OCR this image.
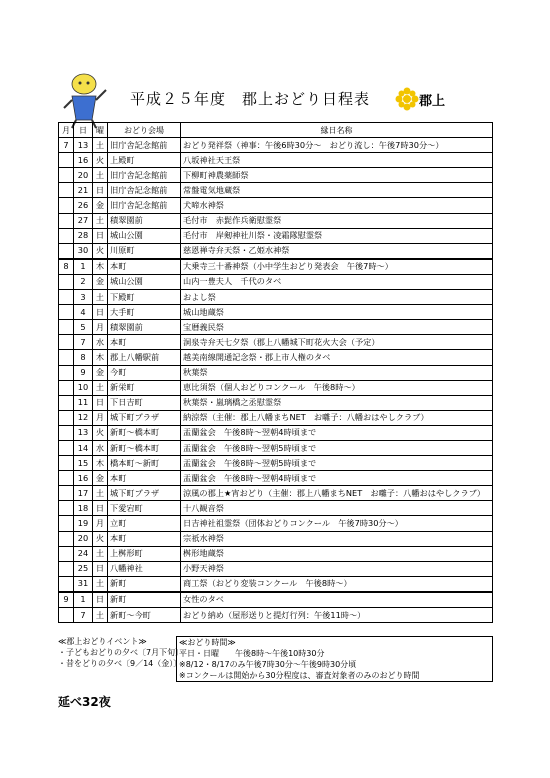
平成２５年度　郡上おどり日程表	郡上
月	日	曜	おどり会場	縁日名称
7	13	土	旧庁舎記念館前	おどり発祥祭（神事：午後6時30分～　おどり流し：午後7時30分～）
	16	火	上殿町	八坂神社天王祭
	20	土	旧庁舎記念館前	下柳町神農薬師祭
	21	日	旧庁舎記念館前	常盤電気地蔵祭
	26	金	旧庁舎記念館前	犬啼水神祭
	27	土	積翠園前	毛付市　赤髭作兵衛慰霊祭
	28	日	城山公園	毛付市　岸剱神社川祭・凌霜隊慰霊祭
	30	火	川原町	慈恩禅寺弁天祭・乙姫水神祭
8	1	木	本町	大乗寺三十番神祭（小中学生おどり発表会　午後7時～）
	2	金	城山公園	山内一豊夫人　千代のタベ
	3	土	下殿町	およし祭
	4	日	大手町	城山地蔵祭
	5	月	積翠園前	宝暦義民祭
	7	水	本町	洞泉寺弁天七夕祭（郡上八幡城下町花火大会（予定）
	8	木	郡上八幡駅前	越美南線開通記念祭・郡上市人権のタベ
	9	金	今町	秋葉祭
	10	土	新栄町	恵比須祭（個人おどりコンクール　午後8時～）
	11	日	下日吉町	秋葉祭・嵐璃橋之丞慰霊祭
	12	月	城下町プラザ	納涼祭（主催：郡上八幡まちNET　お囃子：八幡おはやしクラブ）
	13	火	新町～橋本町	盂蘭盆会　午後8時～翌朝4時頃まで
	14	水	新町～橋本町	盂蘭盆会　午後8時～翌朝5時頃まで
	15	木	橋本町～新町	盂蘭盆会　午後8時～翌朝5時頃まで
	16	金	本町	盂蘭盆会　午後8時～翌朝4時頃まで
	17	土	城下町プラザ	涼風の郡上★宵おどり（主催：郡上八幡まちNET　お囃子：八幡おはやしクラブ）
	18	日	下愛宕町	十八観音祭
	19	月	立町	日吉神社祖霊祭（団体おどりコンクール　午後7時30分～）
	20	火	本町	宗祇水神祭
	24	土	上桝形町	桝形地蔵祭
	25	日	八幡神社	小野天神祭
	31	土	新町	商工祭（おどり変装コンクール　午後8時～）
9	1	日	新町	女性のタベ
	7	土	新町～今町	おどり納め（屋形送りと提灯行列：午後11時～）
≪郡上おどりイベント≫
・子どもおどりの夕べ〔7月下旬〕
・昔をどりの夕べ〔9／14（金）〕
≪おどり時間≫
平日・日曜　　午後8時～午後10時30分
※8/12・8/17のみ午後7時30分～午後9時30分頃
※コンクールは開始から30分程度は、審査対象者のみのおどり時間
延べ32夜
